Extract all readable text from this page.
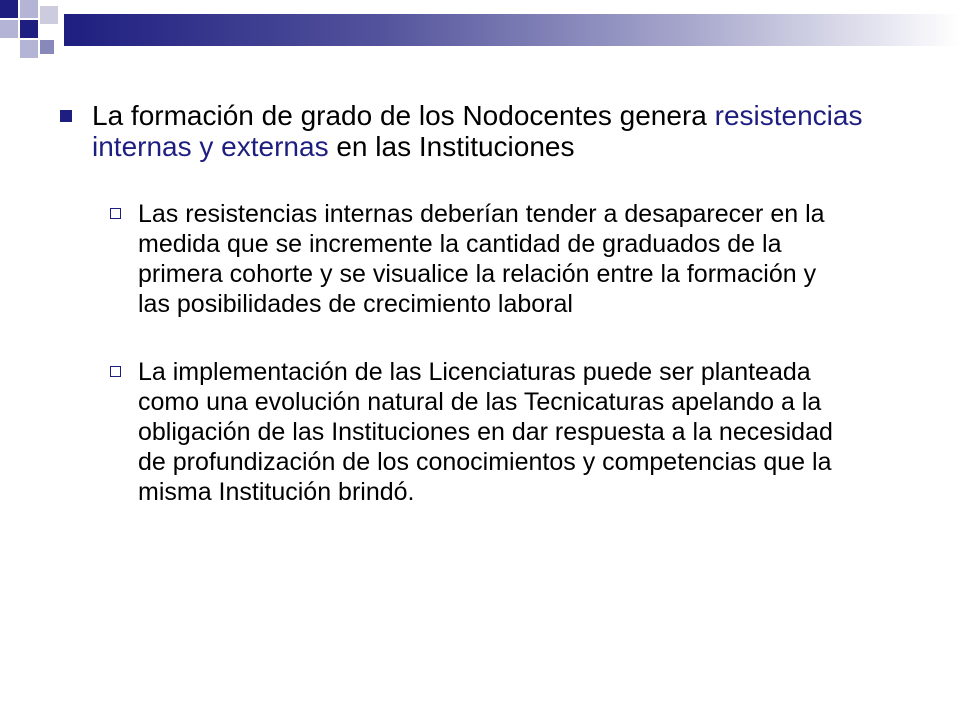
La formación de grado de los Nodocentes genera resistencias internas y externas en las Instituciones
Las resistencias internas deberían tender a desaparecer en la medida que se incremente la cantidad de graduados de la primera cohorte y se visualice la relación entre la formación y las posibilidades de crecimiento laboral
La implementación de las Licenciaturas puede ser planteada como una evolución natural de las Tecnicaturas apelando a la obligación de las Instituciones en dar respuesta a la necesidad de profundización de los conocimientos y competencias que la misma Institución brindó.
